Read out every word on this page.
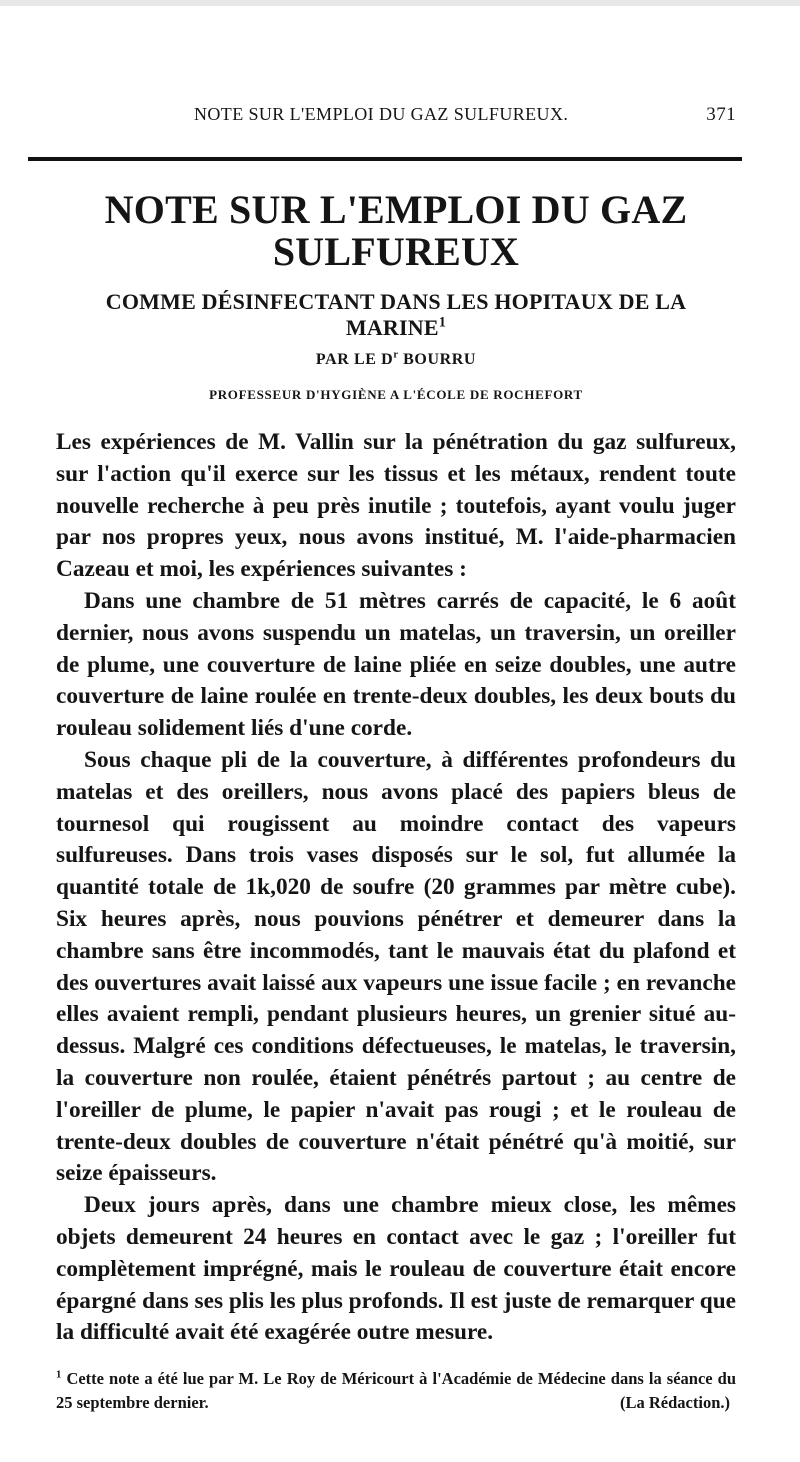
NOTE SUR L'EMPLOI DU GAZ SULFUREUX.	371
NOTE SUR L'EMPLOI DU GAZ SULFUREUX
COMME DÉSINFECTANT DANS LES HOPITAUX DE LA MARINE$^1$
PAR LE $D^r$ BOURRU
PROFESSEUR D'HYGIÈNE A L'ÉCOLE DE ROCHEFORT

Les expériences de M. Vallin sur la pénétration du gaz sulfureux, sur l'action qu'il exerce sur les tissus et les métaux, rendent toute nouvelle recherche à peu près inutile ; toutefois, ayant voulu juger par nos propres yeux, nous avons institué, M. l'aide-pharmacien Cazeau et moi, les expériences suivantes :

Dans une chambre de 51 mètres carrés de capacité, le 6 août dernier, nous avons suspendu un matelas, un traversin, un oreiller de plume, une couverture de laine pliée en seize doubles, une autre couverture de laine roulée en trente-deux doubles, les deux bouts du rouleau solidement liés d'une corde.

Sous chaque pli de la couverture, à différentes profondeurs du matelas et des oreillers, nous avons placé des papiers bleus de tournesol qui rougissent au moindre contact des vapeurs sulfureuses. Dans trois vases disposés sur le sol, fut allumée la quantité totale de 1k,020 de soufre (20 grammes par mètre cube). Six heures après, nous pouvions pénétrer et demeurer dans la chambre sans être incommodés, tant le mauvais état du plafond et des ouvertures avait laissé aux vapeurs une issue facile ; en revanche elles avaient rempli, pendant plusieurs heures, un grenier situé au-dessus. Malgré ces conditions défectueuses, le matelas, le traversin, la couverture non roulée, étaient pénétrés partout ; au centre de l'oreiller de plume, le papier n'avait pas rougi ; et le rouleau de trente-deux doubles de couverture n'était pénétré qu'à moitié, sur seize épaisseurs.

Deux jours après, dans une chambre mieux close, les mêmes objets demeurent 24 heures en contact avec le gaz ; l'oreiller fut complètement imprégné, mais le rouleau de couverture était encore épargné dans ses plis les plus profonds. Il est juste de remarquer que la difficulté avait été exagérée outre mesure.

$^1$ Cette note a été lue par M. Le Roy de Méricourt à l'Académie de Médecine dans la séance du 25 septembre dernier.	(La Rédaction.)
